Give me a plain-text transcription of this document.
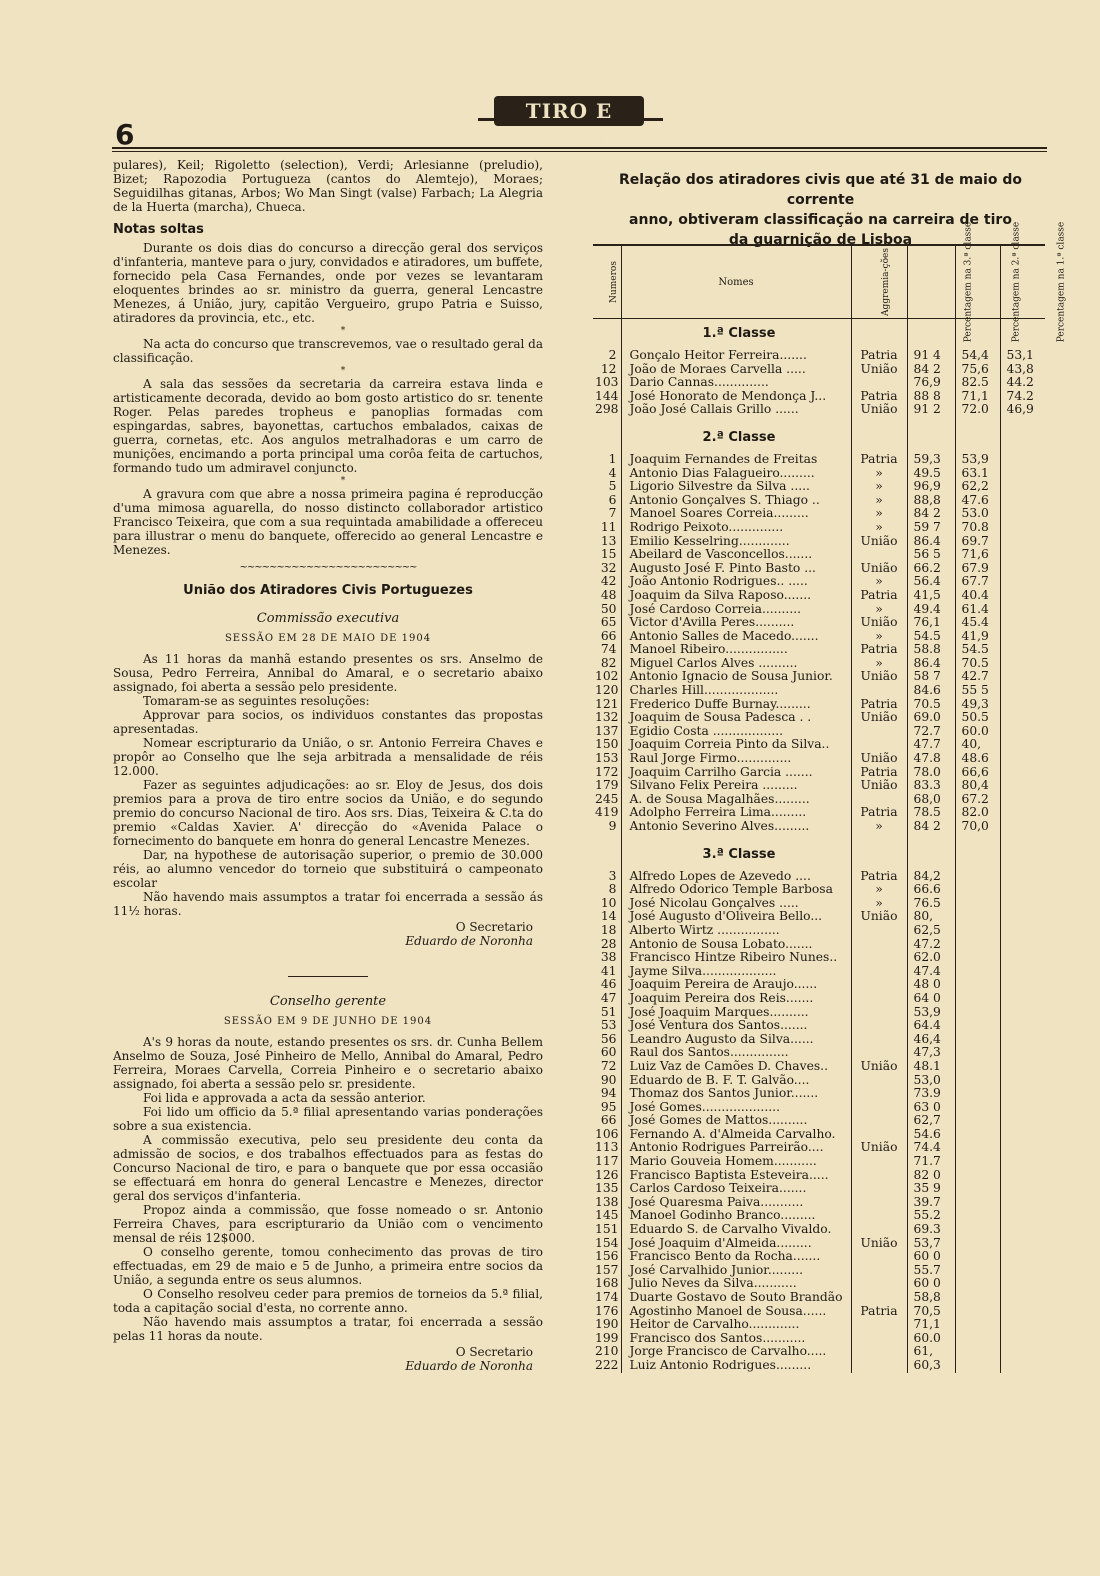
6
TIRO E SPORT

pulares), Keil; Rigoletto (selection), Verdi; Arlesianne (preludio), Bizet; Rapozodia Portugueza (cantos do Alemtejo), Moraes; Seguidilhas gitanas, Arbos; Wo Man Singt (valse) Farbach; La Alegria de la Huerta (marcha), Chueca.

Notas soltas

Durante os dois dias do concurso a direcção geral dos serviços d'infanteria, manteve para o jury, convidados e atiradores, um buffete, fornecido pela Casa Fernandes, onde por vezes se levantaram eloquentes brindes ao sr. ministro da guerra, general Lencastre Menezes, á União, jury, capitão Vergueiro, grupo Patria e Suisso, atiradores da provincia, etc., etc.

*

Na acta do concurso que transcrevemos, vae o resultado geral da classificação.

*

A sala das sessões da secretaria da carreira estava linda e artisticamente decorada, devido ao bom gosto artistico do sr. tenente Roger. Pelas paredes tropheus e panoplias formadas com espingardas, sabres, bayonettas, cartuchos embalados, caixas de guerra, cornetas, etc. Aos angulos metralhadoras e um carro de munições, encimando a porta principal uma corôa feita de cartuchos, formando tudo um admiravel conjuncto.

*

A gravura com que abre a nossa primeira pagina é reproducção d'uma mimosa aguarella, do nosso distincto collaborador artistico Francisco Teixeira, que com a sua requintada amabilidade a offereceu para illustrar o menu do banquete, offerecido ao general Lencastre e Menezes.

~~~~~~~~~~~~~~~~~~~~~~~~
União dos Atiradores Civis Portuguezes
Commissão executiva
SESSÃO EM 28 DE MAIO DE 1904

As 11 horas da manhã estando presentes os srs. Anselmo de Sousa, Pedro Ferreira, Annibal do Amaral, e o secretario abaixo assignado, foi aberta a sessão pelo presidente.

Tomaram-se as seguintes resoluções:

Approvar para socios, os individuos constantes das propostas apresentadas.

Nomear escripturario da União, o sr. Antonio Ferreira Chaves e propôr ao Conselho que lhe seja arbitrada a mensalidade de réis 12.000.

Fazer as seguintes adjudicações: ao sr. Eloy de Jesus, dos dois premios para a prova de tiro entre socios da União, e do segundo premio do concurso Nacional de tiro. Aos srs. Dias, Teixeira & C.ta do premio «Caldas Xavier. A' direcção do «Avenida Palace o fornecimento do banquete em honra do general Lencastre Menezes.

Dar, na hypothese de autorisação superior, o premio de 30.000 réis, ao alumno vencedor do torneio que substituirá o campeonato escolar

Não havendo mais assumptos a tratar foi encerrada a sessão ás 11½ horas.

O Secretario
Eduardo de Noronha
Conselho gerente
SESSÃO EM 9 DE JUNHO DE 1904

A's 9 horas da noute, estando presentes os srs. dr. Cunha Bellem Anselmo de Souza, José Pinheiro de Mello, Annibal do Amaral, Pedro Ferreira, Moraes Carvella, Correia Pinheiro e o secretario abaixo assignado, foi aberta a sessão pelo sr. presidente.

Foi lida e approvada a acta da sessão anterior.

Foi lido um officio da 5.ª filial apresentando varias ponderações sobre a sua existencia.

A commissão executiva, pelo seu presidente deu conta da admissão de socios, e dos trabalhos effectuados para as festas do Concurso Nacional de tiro, e para o banquete que por essa occasião se effectuará em honra do general Lencastre e Menezes, director geral dos serviços d'infanteria.

Propoz ainda a commissão, que fosse nomeado o sr. Antonio Ferreira Chaves, para escripturario da União com o vencimento mensal de réis 12$000.

O conselho gerente, tomou conhecimento das provas de tiro effectuadas, em 29 de maio e 5 de Junho, a primeira entre socios da União, a segunda entre os seus alumnos.

O Conselho resolveu ceder para premios de torneios da 5.ª filial, toda a capitação social d'esta, no corrente anno.

Não havendo mais assumptos a tratar, foi encerrada a sessão pelas 11 horas da noute.

O Secretario
Eduardo de Noronha

Relação dos atiradores civis que até 31 de maio do corrente

anno, obtiveram classificação na carreira de tiro

da guarnição de Lisboa

Numeros	Nomes	Aggremia-ções	Percentagem na 3.ª classe	Percentagem na 2.ª classe	Percentagem na 1.ª classe
	1.ª Classe				
2	Gonçalo Heitor Ferreira.......	Patria	91 4	54,4	53,1
12	João de Moraes Carvella .....	União	84 2	75,6	43,8
103	Dario Cannas..............		76,9	82.5	44.2
144	José Honorato de Mendonça J...	Patria	88 8	71,1	74.2
298	João José Callais Grillo ......	União	91 2	72.0	46,9

	2.ª Classe				
1	Joaquim Fernandes de Freitas	Patria	59,3	53,9	
4	Antonio Dias Falagueiro.........	»	49.5	63.1	
5	Ligorio Silvestre da Silva .....	»	96,9	62,2	
6	Antonio Gonçalves S. Thiago ..	»	88,8	47.6	
7	Manoel Soares Correia.........	»	84 2	53.0	
11	Rodrigo Peixoto..............	»	59 7	70.8	
13	Emilio Kesselring.............	União	86.4	69.7	
15	Abeilard de Vasconcellos.......		56 5	71,6	
32	Augusto José F. Pinto Basto ...	União	66.2	67.9	
42	João Antonio Rodrigues.. .....	»	56.4	67.7	
48	Joaquim da Silva Raposo.......	Patria	41,5	40.4	
50	José Cardoso Correia..........	»	49.4	61.4	
65	Victor d'Avilla Peres..........	União	76,1	45.4	
66	Antonio Salles de Macedo.......	»	54.5	41,9	
74	Manoel Ribeiro................	Patria	58.8	54.5	
82	Miguel Carlos Alves ..........	»	86.4	70.5	
102	Antonio Ignacio de Sousa Junior.	União	58 7	42.7	
120	Charles Hill...................		84.6	55 5	
121	Frederico Duffe Burnay.........	Patria	70.5	49,3	
132	Joaquim de Sousa Padesca . .	União	69.0	50.5	
137	Egidio Costa ..................		72.7	60.0	
150	Joaquim Correia Pinto da Silva..		47.7	40,	
153	Raul Jorge Firmo..............	União	47.8	48.6	
172	Joaquim Carrilho Garcia .......	Patria	78.0	66,6	
179	Silvano Felix Pereira .........	União	83.3	80,4	
245	A. de Sousa Magalhães.........		68,0	67.2	
419	Adolpho Ferreira Lima.........	Patria	78.5	82.0	
9	Antonio Severino Alves.........	»	84 2	70,0	

	3.ª Classe				
3	Alfredo Lopes de Azevedo ....	Patria	84,2		
8	Alfredo Odorico Temple Barbosa	»	66.6		
10	José Nicolau Gonçalves .....	»	76.5		
14	José Augusto d'Oliveira Bello...	União	80,		
18	Alberto Wirtz ................		62,5		
28	Antonio de Sousa Lobato.......		47.2		
38	Francisco Hintze Ribeiro Nunes..		62.0		
41	Jayme Silva...................		47.4		
46	Joaquim Pereira de Araujo......		48 0		
47	Joaquim Pereira dos Reis.......		64 0		
51	José Joaquim Marques..........		53,9		
53	José Ventura dos Santos.......		64.4		
56	Leandro Augusto da Silva......		46,4		
60	Raul dos Santos...............		47,3		
72	Luiz Vaz de Camões D. Chaves..	União	48.1		
90	Eduardo de B. F. T. Galvão....		53,0		
94	Thomaz dos Santos Junior.......		73.9		
95	José Gomes....................		63 0		
66	José Gomes de Mattos..........		62,7		
106	Fernando A. d'Almeida Carvalho.		54.6		
113	Antonio Rodrigues Parreirão....	União	74.4		
117	Mario Gouveia Homem...........		71.7		
126	Francisco Baptista Esteveira.....		82 0		
135	Carlos Cardoso Teixeira.......		35 9		
138	José Quaresma Paiva...........		39.7		
145	Manoel Godinho Branco.........		55.2		
151	Eduardo S. de Carvalho Vivaldo.		69.3		
154	José Joaquim d'Almeida.........	União	53,7		
156	Francisco Bento da Rocha.......		60 0		
157	José Carvalhido Junior.........		55.7		
168	Julio Neves da Silva...........		60 0		
174	Duarte Gostavo de Souto Brandão		58,8		
176	Agostinho Manoel de Sousa......	Patria	70,5		
190	Heitor de Carvalho.............		71,1		
199	Francisco dos Santos...........		60.0		
210	Jorge Francisco de Carvalho.....		61,		
222	Luiz Antonio Rodrigues.........		60,3		
